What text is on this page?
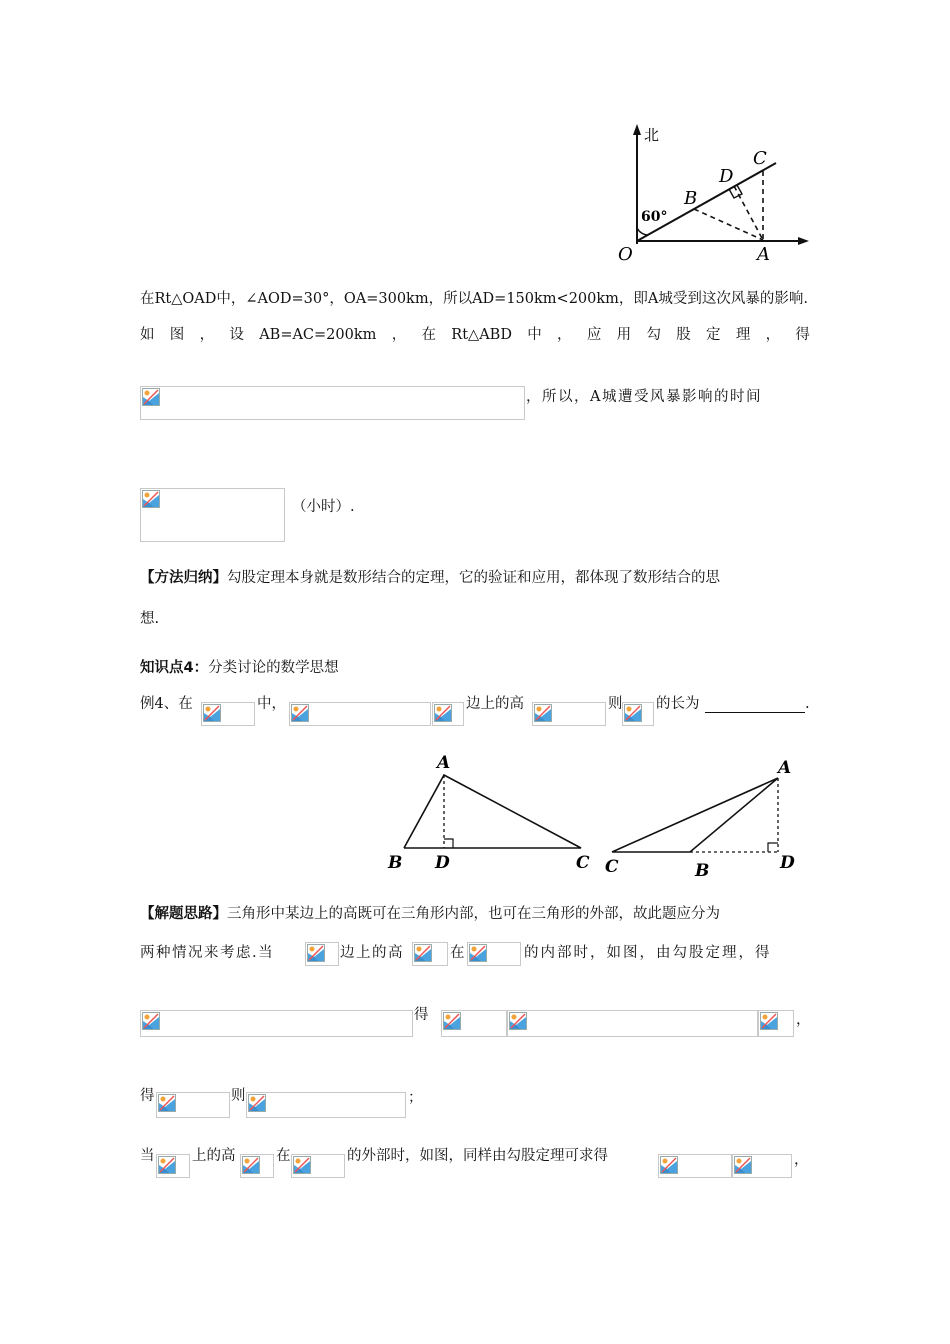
北
60°
O	A
B
D
C
在Rt△OAD中，∠AOD=30°，OA=300km，所以AD=150km<200km，即A城受到这次风暴的影响.
如 图 ， 设 AB=AC=200km ， 在 Rt△ABD 中 ， 应 用 勾 股 定 理 ， 得
，所以，A城遭受风暴影响的时间
（小时）.
【方法归纳】勾股定理本身就是数形结合的定理，它的验证和应用，都体现了数形结合的思
想.
知识点4：分类讨论的数学思想
例4、在	中，	边上的高	则 的长为	.
A
B D	C
A
C	B	D
【解题思路】三角形中某边上的高既可在三角形内部，也可在三角形的外部，故此题应分为
两种情况来考虑.当	边上的高	在	的内部时，如图，由勾股定理，得
得	，
得	则	；
当	上的高	在	的外部时，如图，同样由勾股定理可求得	，
